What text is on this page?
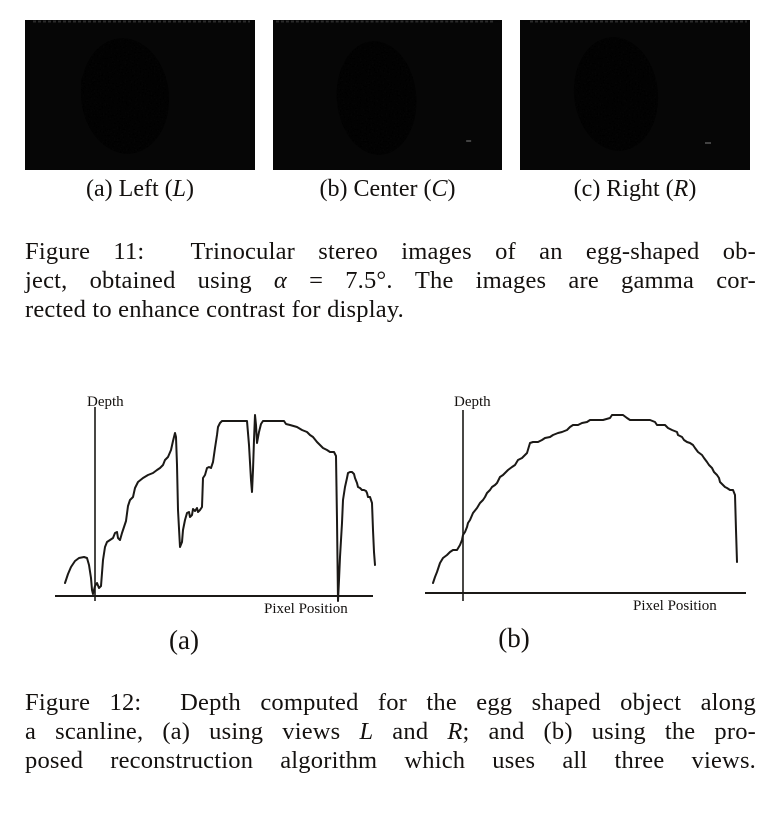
(a) Left (L)	(b) Center (C)	(c) Right (R)
Figure 11:  Trinocular stereo images of an egg-shaped ob-
ject, obtained using α = 7.5°. The images are gamma cor-
rected to enhance contrast for display.
Depth
Pixel Position
Depth
Pixel Position
(a)	(b)
Figure 12:  Depth computed for the egg shaped object along
a scanline, (a) using views L and R; and (b) using the pro-
posed reconstruction algorithm which uses all three views.
